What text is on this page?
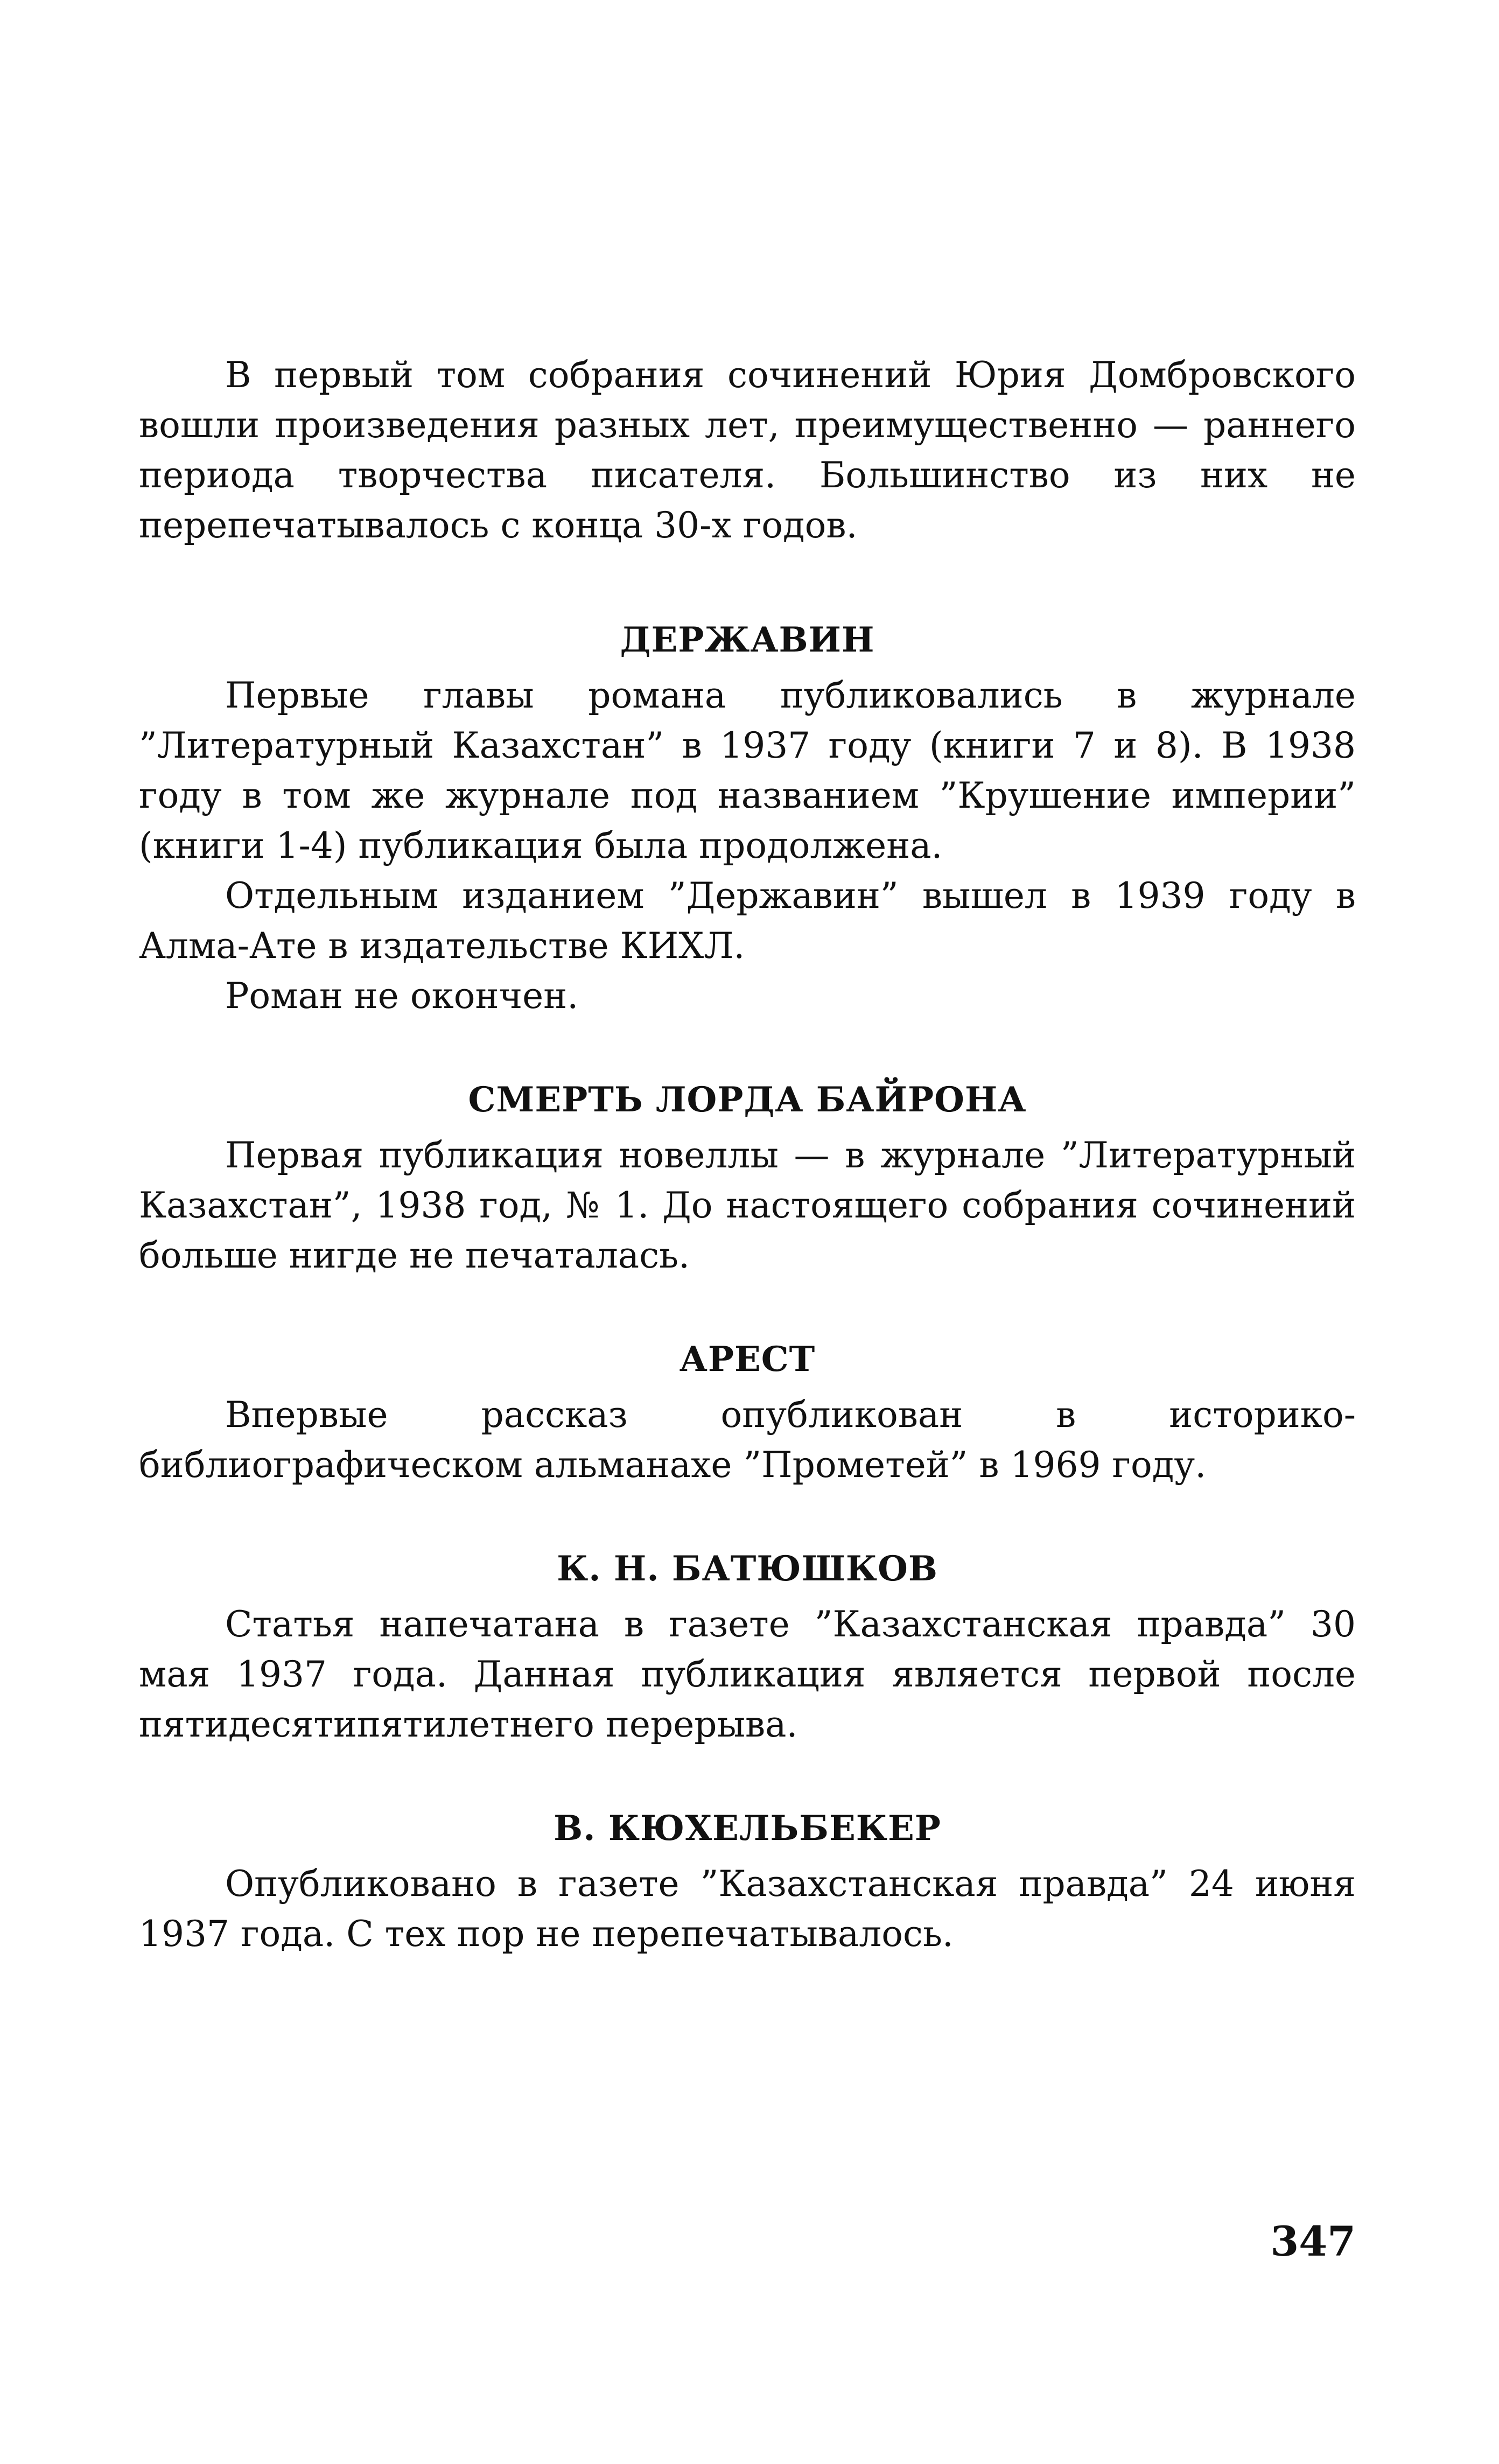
В первый том собрания сочинений Юрия Домбровского вошли произведения разных лет, преимущественно — раннего периода творчества писателя. Большинство из них не перепечатывалось с конца 30-х годов.

ДЕРЖАВИН

Первые главы романа публиковались в журнале ”Литературный Казахстан” в 1937 году (книги 7 и 8). В 1938 году в том же журнале под названием ”Крушение империи” (книги 1-4) публикация была продолжена.

Отдельным изданием ”Державин” вышел в 1939 году в Алма-Ате в издательстве КИХЛ.

Роман не окончен.

СМЕРТЬ ЛОРДА БАЙРОНА

Первая публикация новеллы — в журнале ”Литературный Казахстан”, 1938 год, № 1. До настоящего собрания сочинений больше нигде не печаталась.

АРЕСТ

Впервые рассказ опубликован в историко-библиографическом альманахе ”Прометей” в 1969 году.

К. Н. БАТЮШКОВ

Статья напечатана в газете ”Казахстанская правда” 30 мая 1937 года. Данная публикация является первой после пятидесятипятилетнего перерыва.

В. КЮХЕЛЬБЕКЕР

Опубликовано в газете ”Казахстанская правда” 24 июня 1937 года. С тех пор не перепечатывалось.

347
